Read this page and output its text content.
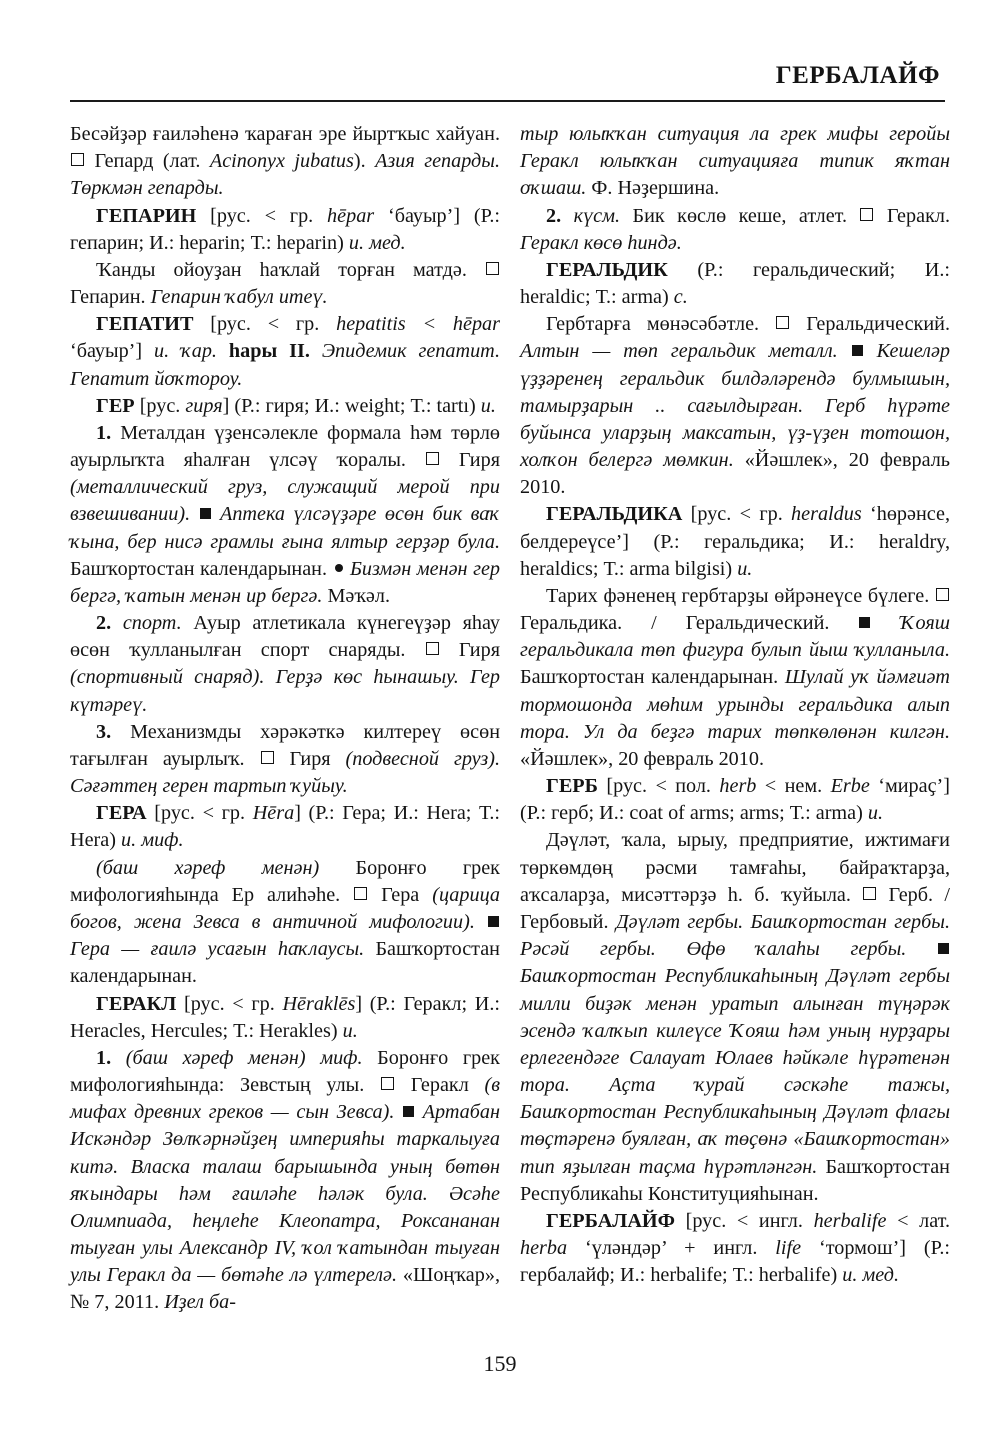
ГЕРБАЛАЙФ

Бесәйҙәр ғаиләһенә ҡараған эре йыртҡыс хайуан.  Гепард (лат. Acinonyx jubatus). Азия гепарды. Төркмән гепарды.

ГЕПАРИН [рус. < гр. hēpar ‘бауыр’] (Р.: гепарин; И.: heparin; Т.: heparin) и. мед.

Ҡанды ойоуҙан һаҡлай торған матдә.  Гепарин. Гепарин ҡабул итеү.

ГЕПАТИТ [рус. < гр. hepatitis < hēpar ‘бауыр’] и. ҡар. hары II. Эпидемик гепатит. Гепатит йоҡтороу.

ГЕР [рус. гиря] (Р.: гиря; И.: weight; Т.: tartı) и.

1. Металдан үҙенсәлекле формала һәм төрлө ауырлыҡта яһалған үлсәү ҡоралы.  Гиря (металлический груз, служащий мерой при взвешивании). Аптека үлсәүҙәре өсөн бик ваҡ ҡына, бер нисә грамлы ғына ялтыр герҙәр була. Башҡортостан календарынан.  Бизмән менән гер бергә, ҡатын менән ир бергә. Мәҡәл.

2. спорт. Ауыр атлетикала күнегеүҙәр яһау өсөн ҡулланылған спорт снаряды.  Гиря (спортивный снаряд). Герҙә көс һынашыу. Гер күтәреү.

3. Механизмды хәрәкәткә килтереү өсөн тағылған ауырлыҡ.  Гиря (подвесной груз). Сәғәттең герен тартып ҡуйыу.

ГЕРА [рус. < гр. Hēra] (Р.: Гера; И.: Hera; Т.: Hera) и. миф.

(баш хәреф менән) Боронғо грек мифологияһында Ер алиһәһе.  Гера (царица богов, жена Зевса в античной мифологии).  Гера — ғаилә усағын һаҡлаусы. Башҡортостан календарынан.

ГЕРАКЛ [рус. < гр. Hēraklēs] (Р.: Геракл; И.: Heracles, Hercules; Т.: Herakles) и.

1. (баш хәреф менән) миф. Боронғо грек мифологияһында: Зевстың улы.  Геракл (в мифах древних греков — сын Зевса). Артабан Искәндәр Зөлҡәрнәйҙең империяһы таркалыуға китә. Власка талаш барышында уның бөтөн яҡындары һәм ғаиләһе һәләк була. Әсәһе Олимпиада, һеңлеһе Клеопатра, Роксананан тыуған улы Александр IV, ҡол ҡатындан тыуған улы Геракл да — бөтәһе лә үлтерелә. «Шоңҡар», № 7, 2011. Иҙел ба-

тыр юлыҡҡан ситуация ла грек мифы геройы Геракл юлыҡҡан ситуацияға типик яҡтан оҡшаш. Ф. Нәҙершина.

2. күсм. Бик көслө кеше, атлет.  Геракл. Геракл көсө һиндә.

ГЕРАЛЬДИК (Р.: геральдический; И.: heraldic; Т.: arma) с.

Гербтарға мөнәсәбәтле.  Геральдический. Алтын — төп геральдик металл. Кешеләр үҙҙәренең геральдик билдәләрендә булмышын, тамырҙарын .. сағылдырған. Герб һүрәте буйынса уларҙың максатын, үҙ-үҙен тотошон, холҡон белергә мөмкин. «Йәшлек», 20 февраль 2010.

ГЕРАЛЬДИКА [рус. < гр. heraldus ‘һөрәнсе, белдереүсе’] (Р.: геральдика; И.: heraldry, heraldics; Т.: arma bilgisi) и.

Тарих фәненең гербтарҙы өйрәнеүсе бүлеге.  Геральдика. / Геральдический.  Ҡояш геральдикала төп фигура булып йыш ҡулланыла. Башҡортостан календарынан. Шулай уҡ йәмғиәт тормошонда мөһим урынды геральдика алып тора. Ул да беҙгә тарих төпкөлөнән килгән. «Йәшлек», 20 февраль 2010.

ГЕРБ [рус. < пол. herb < нем. Erbe ‘мираҫ’] (Р.: герб; И.: coat of arms; arms; Т.: arma) и.

Дәүләт, ҡала, ырыу, предприятие, ижтимағи төркөмдөң рәсми тамғаһы, байраҡтарҙа, аҡсаларҙа, мисәттәрҙә һ. б. ҡуйыла.  Герб. / Гербовый. Дәүләт гербы. Башҡортостан гербы. Рәсәй гербы. Өфө ҡалаһы гербы.  Башҡортостан Республикаһының Дәүләт гербы милли биҙәк менән уратып алынған түңәрәк эсендә ҡалҡып килеүсе Ҡояш һәм уның нурҙары ерлегендәге Салауат Юлаев һәйкәле һүрәтенән тора. Аҫта ҡурай сәскәһе тажы, Башҡортостан Республикаһының Дәүләт флагы төҫтәренә буялған, аҡ төҫөнә «Башҡортостан» тип яҙылған таҫма һүрәтләнгән. Башҡортостан Республикаһы Конституцияһынан.

ГЕРБАЛАЙФ [рус. < ингл. herbalife < лат. herba ‘үләндәр’ + ингл. life ‘тормош’] (Р.: гербалайф; И.: herbalife; Т.: herbalife) и. мед.

159
